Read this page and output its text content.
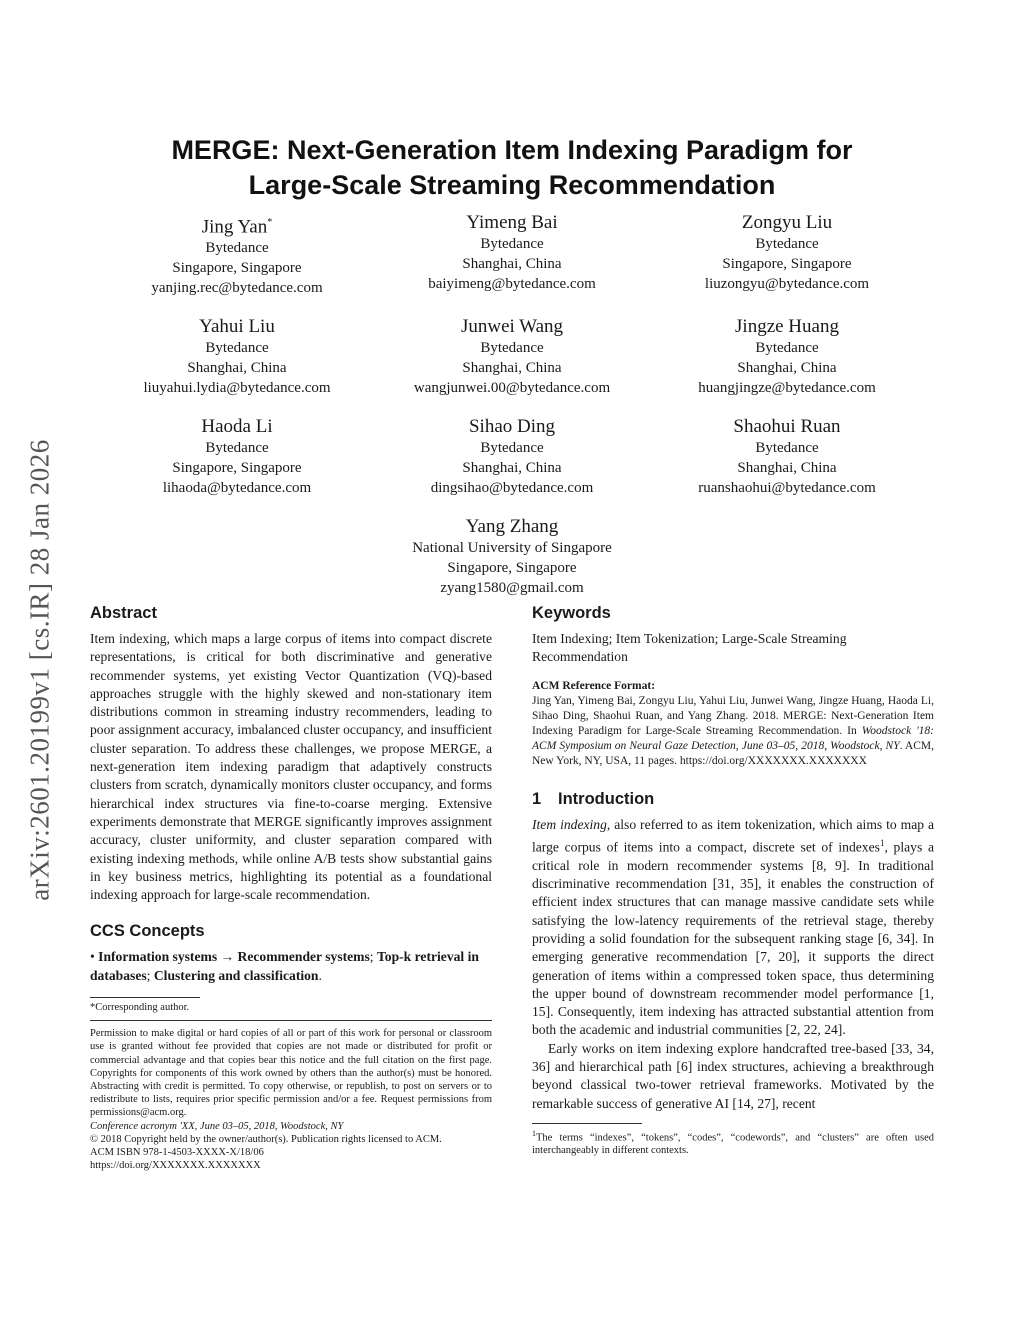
arXiv:2601.20199v1 [cs.IR] 28 Jan 2026
MERGE: Next-Generation Item Indexing Paradigm for
Large-Scale Streaming Recommendation
Jing Yan*
Bytedance
Singapore, Singapore
yanjing.rec@bytedance.com
Yimeng Bai
Bytedance
Shanghai, China
baiyimeng@bytedance.com
Zongyu Liu
Bytedance
Singapore, Singapore
liuzongyu@bytedance.com
Yahui Liu
Bytedance
Shanghai, China
liuyahui.lydia@bytedance.com
Junwei Wang
Bytedance
Shanghai, China
wangjunwei.00@bytedance.com
Jingze Huang
Bytedance
Shanghai, China
huangjingze@bytedance.com
Haoda Li
Bytedance
Singapore, Singapore
lihaoda@bytedance.com
Sihao Ding
Bytedance
Shanghai, China
dingsihao@bytedance.com
Shaohui Ruan
Bytedance
Shanghai, China
ruanshaohui@bytedance.com
Yang Zhang
National University of Singapore
Singapore, Singapore
zyang1580@gmail.com
Abstract

Item indexing, which maps a large corpus of items into compact discrete representations, is critical for both discriminative and generative recommender systems, yet existing Vector Quantization (VQ)-based approaches struggle with the highly skewed and non-stationary item distributions common in streaming industry recommenders, leading to poor assignment accuracy, imbalanced cluster occupancy, and insufficient cluster separation. To address these challenges, we propose MERGE, a next-generation item indexing paradigm that adaptively constructs clusters from scratch, dynamically monitors cluster occupancy, and forms hierarchical index structures via fine-to-coarse merging. Extensive experiments demonstrate that MERGE significantly improves assignment accuracy, cluster uniformity, and cluster separation compared with existing indexing methods, while online A/B tests show substantial gains in key business metrics, highlighting its potential as a foundational indexing approach for large-scale recommendation.

CCS Concepts
• Information systems → Recommender systems; Top-k retrieval in databases; Clustering and classification.
*Corresponding author.
Permission to make digital or hard copies of all or part of this work for personal or classroom use is granted without fee provided that copies are not made or distributed for profit or commercial advantage and that copies bear this notice and the full citation on the first page. Copyrights for components of this work owned by others than the author(s) must be honored. Abstracting with credit is permitted. To copy otherwise, or republish, to post on servers or to redistribute to lists, requires prior specific permission and/or a fee. Request permissions from permissions@acm.org.
Conference acronym 'XX, June 03–05, 2018, Woodstock, NY
© 2018 Copyright held by the owner/author(s). Publication rights licensed to ACM.
ACM ISBN 978-1-4503-XXXX-X/18/06
https://doi.org/XXXXXXX.XXXXXXX
Keywords

Item Indexing; Item Tokenization; Large-Scale Streaming Recommendation

ACM Reference Format:
Jing Yan, Yimeng Bai, Zongyu Liu, Yahui Liu, Junwei Wang, Jingze Huang, Haoda Li, Sihao Ding, Shaohui Ruan, and Yang Zhang. 2018. MERGE: Next-Generation Item Indexing Paradigm for Large-Scale Streaming Recommendation. In Woodstock '18: ACM Symposium on Neural Gaze Detection, June 03–05, 2018, Woodstock, NY. ACM, New York, NY, USA, 11 pages. https://doi.org/XXXXXXX.XXXXXXX
1 Introduction

Item indexing, also referred to as item tokenization, which aims to map a large corpus of items into a compact, discrete set of indexes$^1$, plays a critical role in modern recommender systems [8, 9]. In traditional discriminative recommendation [31, 35], it enables the construction of efficient index structures that can manage massive candidate sets while satisfying the low-latency requirements of the retrieval stage, thereby providing a solid foundation for the subsequent ranking stage [6, 34]. In emerging generative recommendation [7, 20], it supports the direct generation of items within a compressed token space, thus determining the upper bound of downstream recommender model performance [1, 15]. Consequently, item indexing has attracted substantial attention from both the academic and industrial communities [2, 22, 24].

Early works on item indexing explore handcrafted tree-based [33, 34, 36] and hierarchical path [6] index structures, achieving a breakthrough beyond classical two-tower retrieval frameworks. Motivated by the remarkable success of generative AI [14, 27], recent

$^1$The terms “indexes”, “tokens”, “codes”, “codewords”, and “clusters” are often used interchangeably in different contexts.
